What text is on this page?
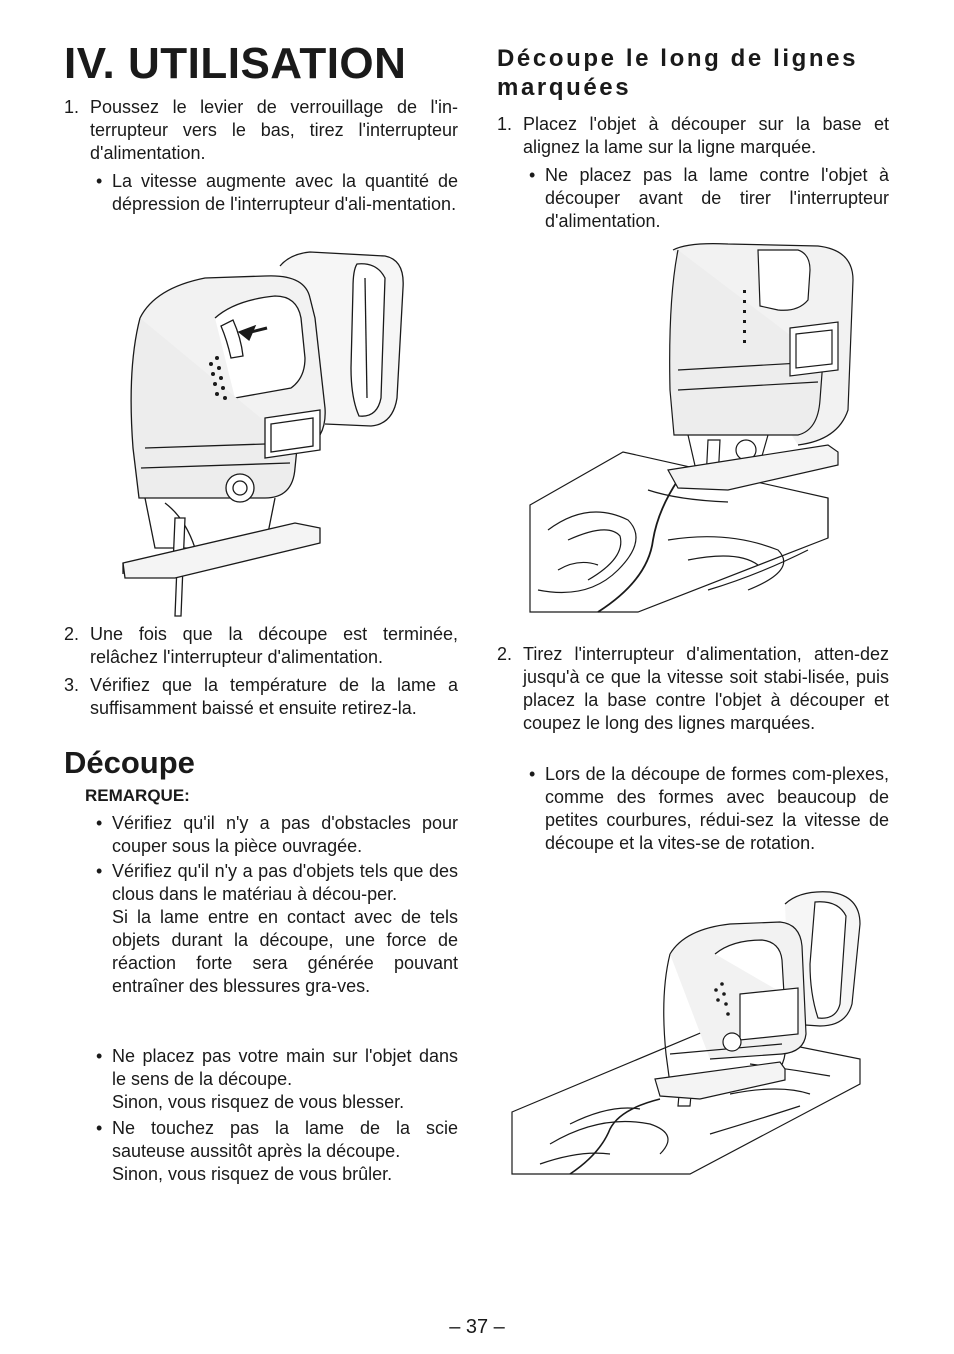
IV. UTILISATION
1. Poussez le levier de verrouillage de l'in-terrupteur vers le bas, tirez l'interrupteur d'alimentation.
• La vitesse augmente avec la quantité de dépression de l'interrupteur d'ali-mentation.
2. Une fois que la découpe est terminée, relâchez l'interrupteur d'alimentation.
3. Vérifiez que la température de la lame a suffisamment baissé et ensuite retirez-la.
Découpe

REMARQUE:

• Vérifiez qu'il n'y a pas d'obstacles pour couper sous la pièce ouvragée.
• Vérifiez qu'il n'y a pas d'objets tels que des clous dans le matériau à décou-per.
Si la lame entre en contact avec de tels objets durant la découpe, une force de réaction forte sera générée pouvant entraîner des blessures gra-ves.
• Ne placez pas votre main sur l'objet dans le sens de la découpe.
Sinon, vous risquez de vous blesser.
• Ne touchez pas la lame de la scie sauteuse aussitôt après la découpe.
Sinon, vous risquez de vous brûler.
Découpe le long de lignes marquées
1. Placez l'objet à découper sur la base et alignez la lame sur la ligne marquée.
• Ne placez pas la lame contre l'objet à découper avant de tirer l'interrupteur d'alimentation.
2. Tirez l'interrupteur d'alimentation, atten-dez jusqu'à ce que la vitesse soit stabi-lisée, puis placez la base contre l'objet à découper et coupez le long des lignes marquées.
• Lors de la découpe de formes com-plexes, comme des formes avec beaucoup de petites courbures, rédui-sez la vitesse de découpe et la vites-se de rotation.
– 37 –
